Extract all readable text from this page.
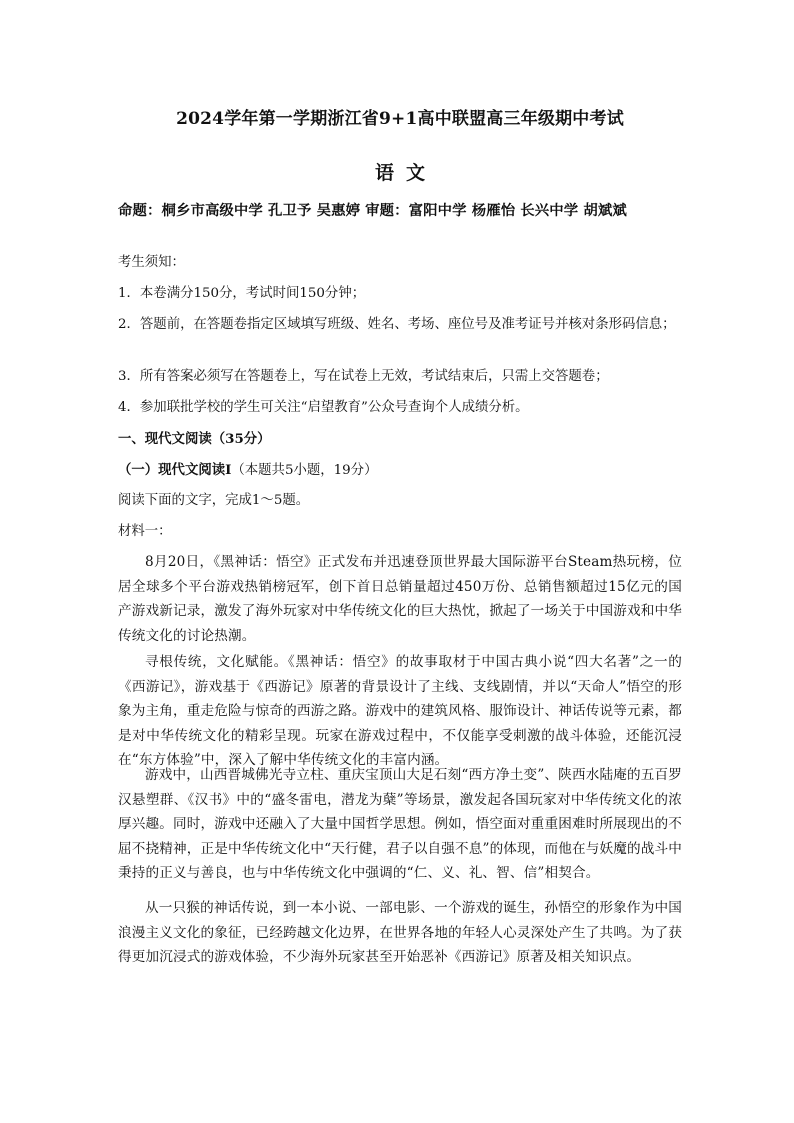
2024学年第一学期浙江省9+1高中联盟高三年级期中考试
语文
命题：桐乡市高级中学 孔卫予 吴惠婷 审题：富阳中学 杨雁怡 长兴中学 胡斌斌
考生须知：
1．本卷满分150分，考试时间150分钟；
2．答题前，在答题卷指定区域填写班级、姓名、考场、座位号及准考证号并核对条形码信息；
3．所有答案必须写在答题卷上，写在试卷上无效，考试结束后，只需上交答题卷；
4．参加联批学校的学生可关注“启望教育”公众号查询个人成绩分析。
一、现代文阅读（35分）
（一）现代文阅读Ⅰ（本题共5小题，19分）
阅读下面的文字，完成1～5题。
材料一：
8月20日，《黑神话：悟空》正式发布并迅速登顶世界最大国际游平台Steam热玩榜，位居全球多个平台游戏热销榜冠军，创下首日总销量超过450万份、总销售额超过15亿元的国产游戏新记录，激发了海外玩家对中华传统文化的巨大热忱，掀起了一场关于中国游戏和中华传统文化的讨论热潮。
寻根传统，文化赋能。《黑神话：悟空》的故事取材于中国古典小说“四大名著”之一的《西游记》，游戏基于《西游记》原著的背景设计了主线、支线剧情，并以“天命人”悟空的形象为主角，重走危险与惊奇的西游之路。游戏中的建筑风格、服饰设计、神话传说等元素，都是对中华传统文化的精彩呈现。玩家在游戏过程中，不仅能享受刺激的战斗体验，还能沉浸在“东方体验”中，深入了解中华传统文化的丰富内涵。
游戏中，山西晋城佛光寺立柱、重庆宝顶山大足石刻“西方净土变”、陕西水陆庵的五百罗汉悬塑群、《汉书》中的“盛冬雷电，潜龙为蘖”等场景，激发起各国玩家对中华传统文化的浓厚兴趣。同时，游戏中还融入了大量中国哲学思想。例如，悟空面对重重困难时所展现出的不屈不挠精神，正是中华传统文化中“天行健，君子以自强不息”的体现，而他在与妖魔的战斗中秉持的正义与善良，也与中华传统文化中强调的“仁、义、礼、智、信”相契合。
从一只猴的神话传说，到一本小说、一部电影、一个游戏的诞生，孙悟空的形象作为中国浪漫主义文化的象征，已经跨越文化边界，在世界各地的年轻人心灵深处产生了共鸣。为了获得更加沉浸式的游戏体验，不少海外玩家甚至开始恶补《西游记》原著及相关知识点。
